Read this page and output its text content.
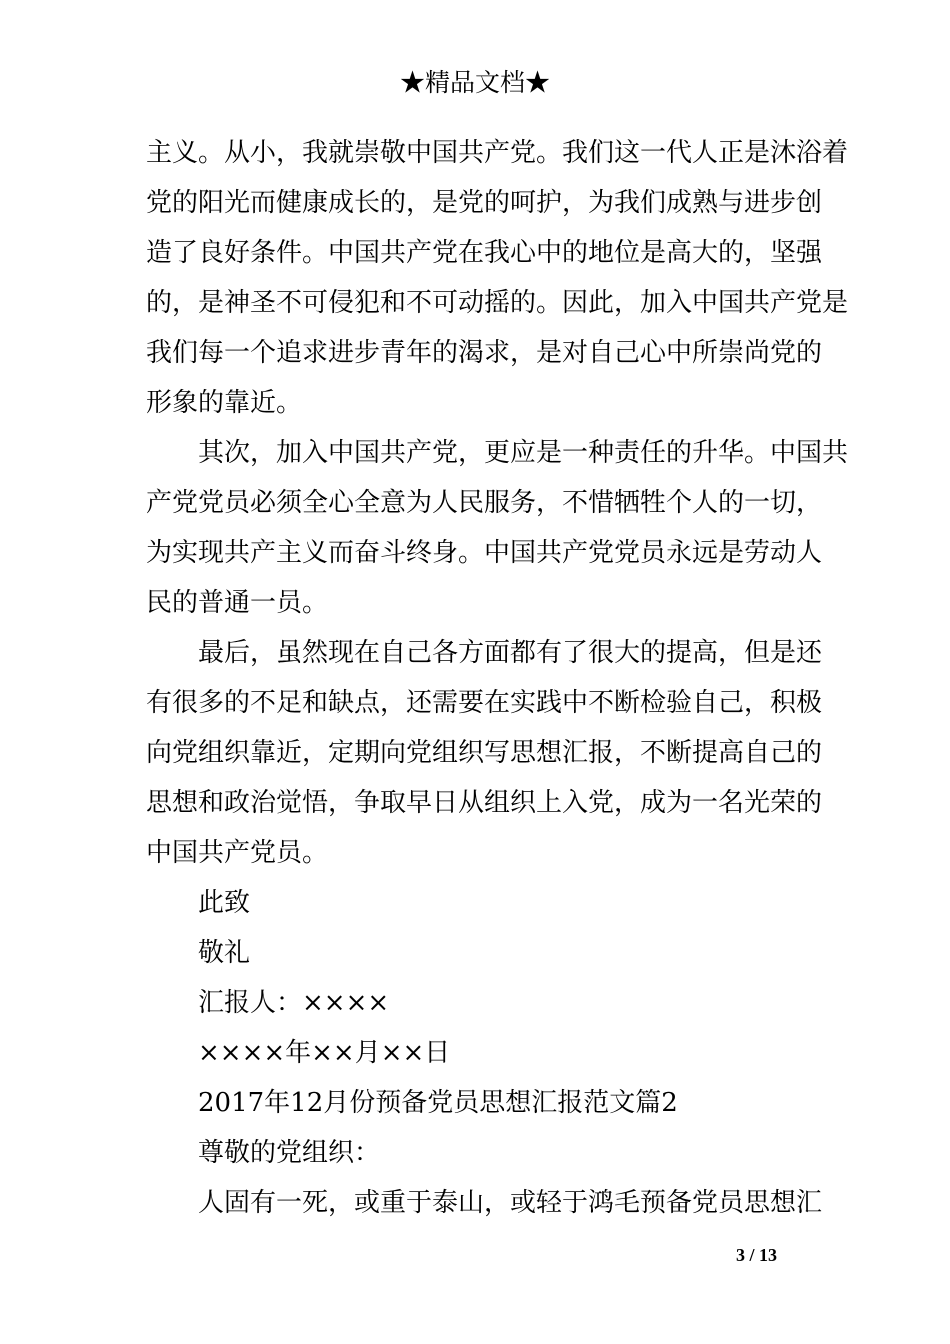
★精品文档★
主义。从小，我就崇敬中国共产党。我们这一代人正是沐浴着
党的阳光而健康成长的，是党的呵护，为我们成熟与进步创
造了良好条件。中国共产党在我心中的地位是高大的，坚强
的，是神圣不可侵犯和不可动摇的。因此，加入中国共产党是
我们每一个追求进步青年的渴求，是对自己心中所崇尚党的
形象的靠近。
其次，加入中国共产党，更应是一种责任的升华。中国共
产党党员必须全心全意为人民服务，不惜牺牲个人的一切，
为实现共产主义而奋斗终身。中国共产党党员永远是劳动人
民的普通一员。
最后，虽然现在自己各方面都有了很大的提高，但是还
有很多的不足和缺点，还需要在实践中不断检验自己，积极
向党组织靠近，定期向党组织写思想汇报，不断提高自己的
思想和政治觉悟，争取早日从组织上入党，成为一名光荣的
中国共产党员。
此致
敬礼
汇报人：××××
××××年××月××日
2017年12月份预备党员思想汇报范文篇2
尊敬的党组织：
人固有一死，或重于泰山，或轻于鸿毛预备党员思想汇
3 / 13
